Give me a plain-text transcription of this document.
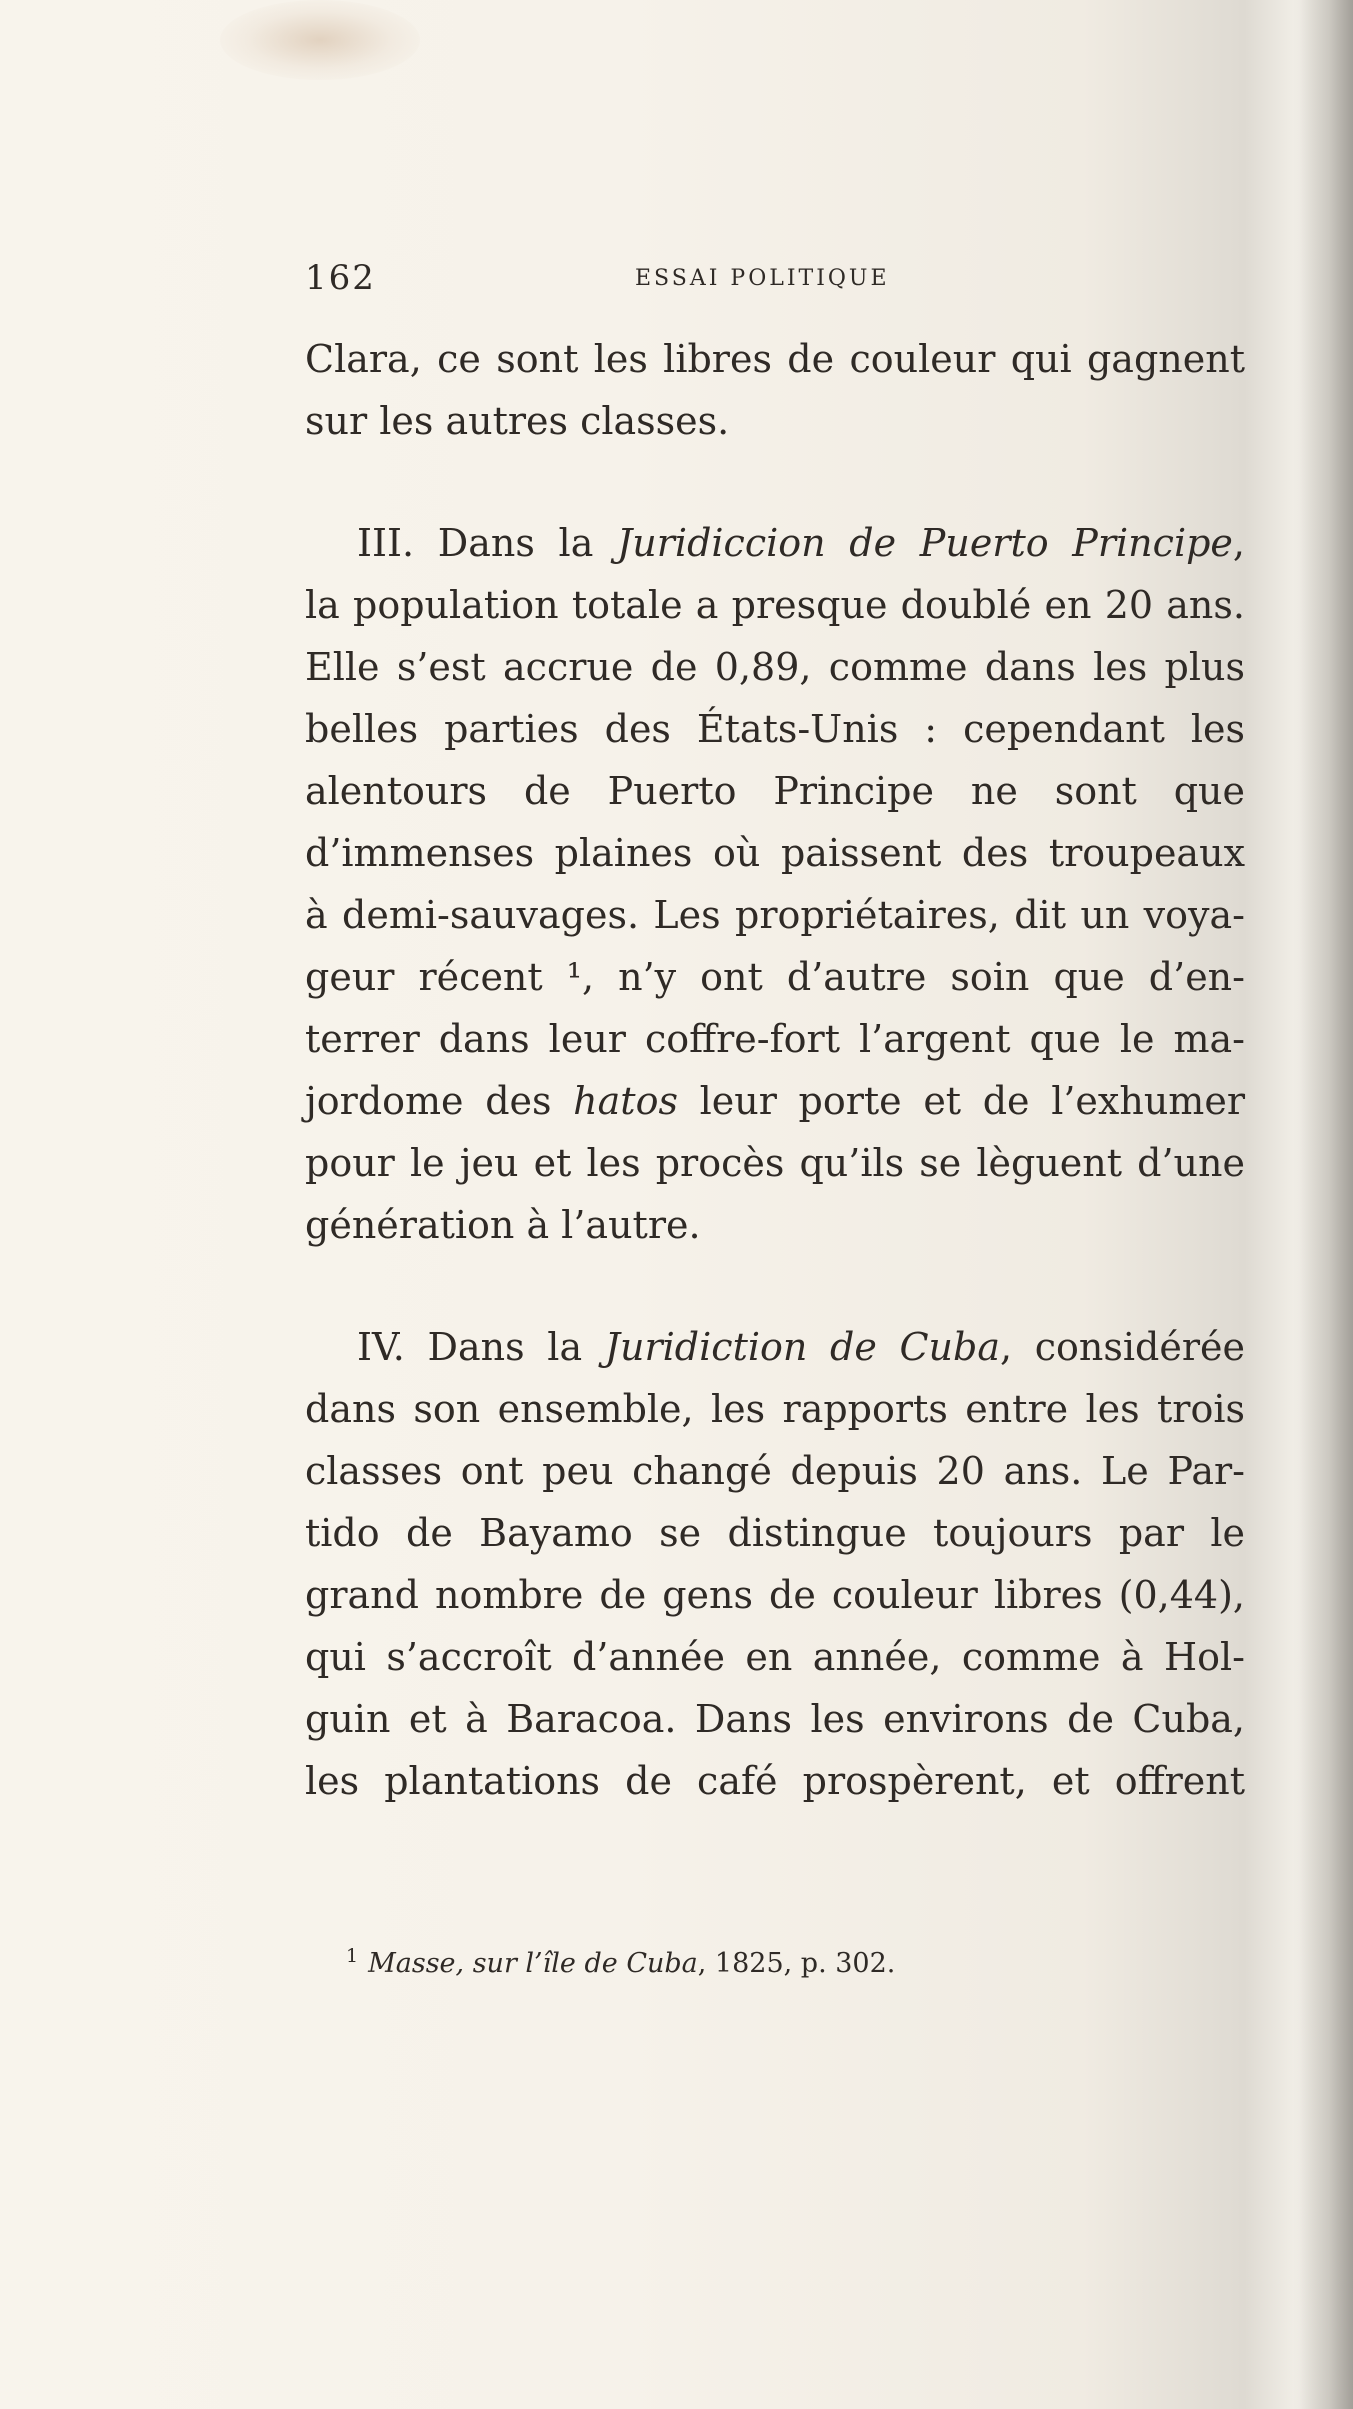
162	ESSAI POLITIQUE

Clara, ce sont les libres de couleur qui gagnent
sur les autres classes.

III. Dans la Juridiccion de Puerto Principe,
la population totale a presque doublé en 20 ans.
Elle s’est accrue de 0,89, comme dans les plus
belles parties des États-Unis : cependant les
alentours de Puerto Principe ne sont que
d’immenses plaines où paissent des troupeaux
à demi-sauvages. Les propriétaires, dit un voya-
geur récent ¹, n’y ont d’autre soin que d’en-
terrer dans leur coffre-fort l’argent que le ma-
jordome des hatos leur porte et de l’exhumer
pour le jeu et les procès qu’ils se lèguent d’une
génération à l’autre.

IV. Dans la Juridiction de Cuba, considérée
dans son ensemble, les rapports entre les trois
classes ont peu changé depuis 20 ans. Le Par-
tido de Bayamo se distingue toujours par le
grand nombre de gens de couleur libres (0,44),
qui s’accroît d’année en année, comme à Hol-
guin et à Baracoa. Dans les environs de Cuba,
les plantations de café prospèrent, et offrent

$^1$ Masse, sur l’île de Cuba, 1825, p. 302.
